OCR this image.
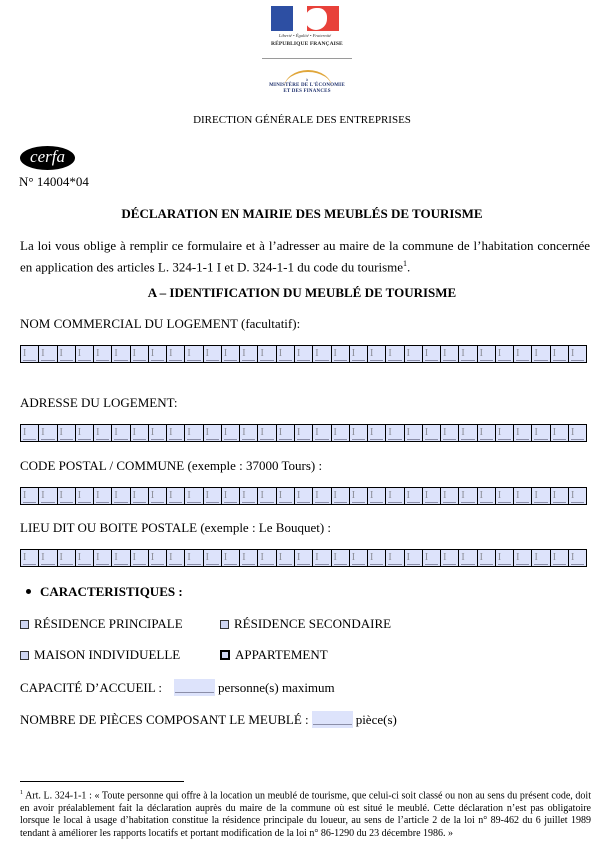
Liberté • Égalité • Fraternité
RÉPUBLIQUE FRANÇAISE
à
MINISTÈRE DE L'ÉCONOMIE
ET DES FINANCES
DIRECTION GÉNÉRALE DES ENTREPRISES
cerfa
N° 14004*04
DÉCLARATION EN MAIRIE DES MEUBLÉS DE TOURISME
La loi vous oblige à remplir ce formulaire et à l’adresser au maire de la commune de l’habitation concernée en application des articles L. 324-1-1 I et D. 324-1-1 du code du tourisme$^1$.
A – IDENTIFICATION DU MEUBLÉ DE TOURISME
NOM COMMERCIAL DU LOGEMENT (facultatif):
I I I I I I I I I I I I I I I I I I I I I I I I I I I I I I I
ADRESSE DU LOGEMENT:
I I I I I I I I I I I I I I I I I I I I I I I I I I I I I I I
CODE POSTAL / COMMUNE (exemple : 37000 Tours) :
I I I I I I I I I I I I I I I I I I I I I I I I I I I I I I I
LIEU DIT OU BOITE POSTALE (exemple : Le Bouquet) :
I I I I I I I I I I I I I I I I I I I I I I I I I I I I I I I
CARACTERISTIQUES :
RÉSIDENCE PRINCIPALE	RÉSIDENCE SECONDAIRE
MAISON INDIVIDUELLE	APPARTEMENT
CAPACITÉ D’ACCUEIL :	personne(s) maximum
NOMBRE DE PIÈCES COMPOSANT LE MEUBLÉ :	pièce(s)
$^1$ Art. L. 324-1-1 : « Toute personne qui offre à la location un meublé de tourisme, que celui-ci soit classé ou non au sens du présent code, doit en avoir préalablement fait la déclaration auprès du maire de la commune où est situé le meublé. Cette déclaration n’est pas obligatoire lorsque le local à usage d’habitation constitue la résidence principale du loueur, au sens de l’article 2 de la loi n° 89-462 du 6 juillet 1989 tendant à améliorer les rapports locatifs et portant modification de la loi n° 86-1290 du 23 décembre 1986. »
